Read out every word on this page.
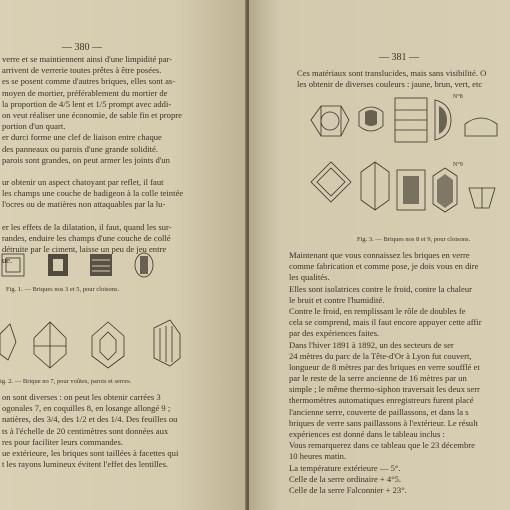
— 380 —
verre et se maintiennent ainsi d'une limpidité par-
arrivent de verrerie toutes prêtes à être posées.
es se posent comme d'autres briques, elles sont as-
moyen de mortier, préférablement du mortier de
la proportion de 4/5 lent et 1/5 prompt avec addi-
on veut réaliser une économie, de sable fin et propre
portion d'un quart.
er durci forme une clef de liaison entre chaque
des panneaux ou parois d'une grande solidité.
parois sont grandes, on peut armer les joints d'un
ur obtenir un aspect chatoyant par reflet, il faut
les champs une couche de badigeon à la colle teintée
l'ocres ou de matières non attaquables par la lu-
er les effets de la dilatation, il faut, quand les sur-
randes, enduire les champs d'une couche de collé
détruite par le ciment, laisse un peu de jeu entre
ue.
Fig. 1. — Briques nos 3 et 5, pour cloisons.
ig. 2. — Brique no 7, pour voûtes, parois et serres.
on sont diverses : on peut les obtenir carrées 3
ogonales 7, en coquilles 8, en losange allongé 9 ;
natières, des 3/4, des 1/2 et des 1/4. Des feuilles ou
ts à l'échelle de 20 centimètres sont données aux
res pour faciliter leurs commandes.
ue extérieure, les briques sont taillées à facettes qui
t les rayons lumineux évitent l'effet des lentilles.
— 381 —
Ces matériaux sont translucides, mais sans visibilité. O
les obtenir de diverses couleurs : jaune, brun, vert, etc
N°8
N°9
Fig. 3. — Briques nos 8 et 9, pour cloisons.
Maintenant que vous connaissez les briques en verre
comme fabrication et comme pose, je dois vous en dire
les qualités.
Elles sont isolatrices contre le froid, contre la chaleur
le bruit et contre l'humidité.
Contre le froid, en remplissant le rôle de doubles fe
cela se comprend, mais il faut encore appuyer cette affir
par des expériences faites.
Dans l'hiver 1891 à 1892, un des secteurs de ser
24 mètres du parc de la Tête-d'Or à Lyon fut couvert,
longueur de 8 mètres par des briques en verre soufflé et
par le reste de la serre ancienne de 16 mètres par un
simple ; le même thermo-siphon traversait les deux serr
thermomètres automatiques enregistreurs furent placé
l'ancienne serre, couverte de paillassons, et dans la s
briques de verre sans paillassons à l'extérieur. Le résult
expériences est donné dans le tableau inclus :
Vous remarquerez dans ce tableau que le 23 décembre
10 heures matin.
La température extérieure — 5°.
Celle de la serre ordinaire + 4°5.
Celle de la serre Falconnier + 23°.
